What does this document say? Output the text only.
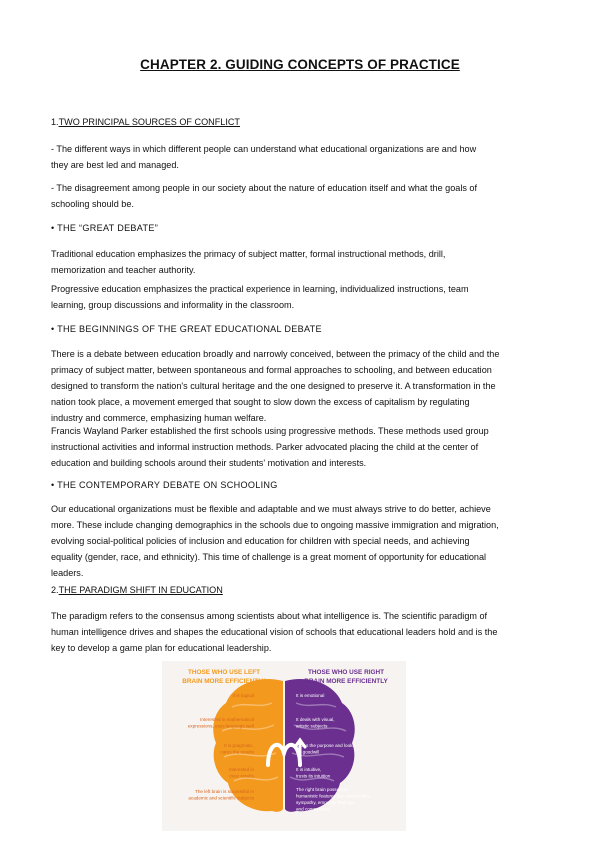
CHAPTER 2. GUIDING CONCEPTS OF PRACTICE
1.TWO PRINCIPAL SOURCES OF CONFLICT
- The different ways in which different people can understand what educational organizations are and how
they are best led and managed.
- The disagreement among people in our society about the nature of education itself and what the goals of
schooling should be.
• THE “GREAT DEBATE”
Traditional education emphasizes the primacy of subject matter, formal instructional methods, drill,
memorization and teacher authority.
Progressive education emphasizes the practical experience in learning, individualized instructions, team
learning, group discussions and informality in the classroom.
• THE BEGINNINGS OF THE GREAT EDUCATIONAL DEBATE
There is a debate between education broadly and narrowly conceived, between the primacy of the child and the
primacy of subject matter, between spontaneous and formal approaches to schooling, and between education
designed to transform the nation's cultural heritage and the one designed to preserve it. A transformation in the
nation took place, a movement emerged that sought to slow down the excess of capitalism by regulating
industry and commerce, emphasizing human welfare.
Francis Wayland Parker established the first schools using progressive methods. These methods used group
instructional activities and informal instruction methods. Parker advocated placing the child at the center of
education and building schools around their students' motivation and interests.
• THE CONTEMPORARY DEBATE ON SCHOOLING
Our educational organizations must be flexible and adaptable and we must always strive to do better, achieve
more. These include changing demographics in the schools due to ongoing massive immigration and migration,
evolving social-political policies of inclusion and education for children with special needs, and achieving
equality (gender, race, and ethnicity). This time of challenge is a great moment of opportunity for educational
leaders.
2.THE PARADIGM SHIFT IN EDUCATION
The paradigm refers to the consensus among scientists about what intelligence is. The scientific paradigm of
human intelligence drives and shapes the educational vision of schools that educational leaders hold and is the
key to develop a game plan for educational leadership.
THOSE WHO USE LEFT
BRAIN MORE EFFICIENTLY
THOSE WHO USE RIGHT
BRAIN MORE EFFICIENTLY
It is logical
Interested in mathematical
expressions, uses language well
It is pragmatic,
cares the results
Interested in
clear results
The left brain is successful in
academic and scientific subjects
It is emotional
It deals with visual,
artistic subjects
Cares the purpose and looks
for goodwill
It is intuitive,
trusts its intuition
The right brain possesses
humanistic features like emotionality,
sympathy, empathy, feelings,
and compassion.
